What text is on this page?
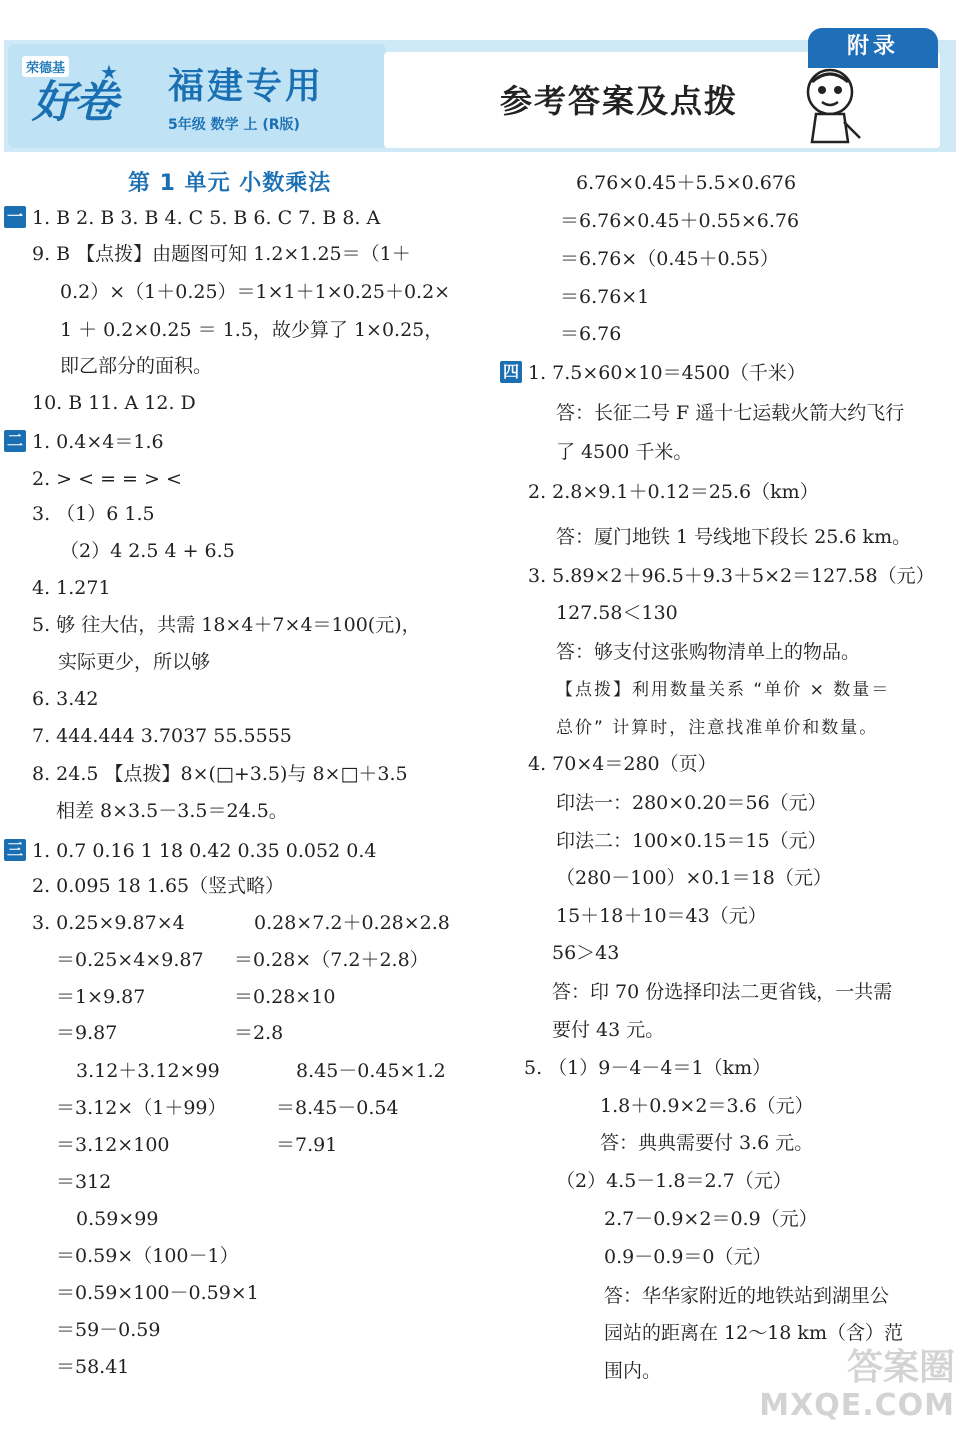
荣德基
好卷
★ 福建专用
5年级 数学 上 (R版)
参考答案及点拨
附录
第 1 单元 小数乘法
一
二
三
四
1. B 2. B 3. B 4. C 5. B 6. C 7. B 8. A
9. B 【点拨】由题图可知 1.2×1.25＝（1＋
0.2）×（1＋0.25）＝1×1＋1×0.25＋0.2×
1 ＋ 0.2×0.25 ＝ 1.5，故少算了 1×0.25，
即乙部分的面积。
10. B 11. A 12. D
1. 0.4×4＝1.6
2. > < = = > <
3. （1）6 1.5
（2）4 2.5 4 + 6.5
4. 1.271
5. 够 往大估，共需 18×4＋7×4＝100(元)，
实际更少，所以够
6. 3.42
7. 444.444 3.7037 55.5555
8. 24.5 【点拨】8×(□+3.5)与 8×□＋3.5
相差 8×3.5－3.5＝24.5。
1. 0.7 0.16 1 18 0.42 0.35 0.052 0.4
2. 0.095 18 1.65（竖式略）
3. 0.25×9.87×4	0.28×7.2＋0.28×2.8
＝0.25×4×9.87 ＝0.28×（7.2＋2.8）
＝1×9.87	＝0.28×10
＝9.87	＝2.8
3.12＋3.12×99	8.45－0.45×1.2
＝3.12×（1＋99）	＝8.45－0.54
＝3.12×100	＝7.91
＝312
0.59×99
＝0.59×（100－1）
＝0.59×100－0.59×1
＝59－0.59
＝58.41
6.76×0.45＋5.5×0.676
＝6.76×0.45＋0.55×6.76
＝6.76×（0.45＋0.55）
＝6.76×1
＝6.76
1. 7.5×60×10＝4500（千米）
答：长征二号 F 遥十七运载火箭大约飞行
了 4500 千米。
2. 2.8×9.1＋0.12＝25.6（km）
答：厦门地铁 1 号线地下段长 25.6 km。
3. 5.89×2＋96.5＋9.3＋5×2＝127.58（元）
127.58＜130
答：够支付这张购物清单上的物品。
【点拨】利用数量关系 “单价 × 数量＝
总价” 计算时，注意找准单价和数量。
4. 70×4＝280（页）
印法一：280×0.20＝56（元）
印法二：100×0.15＝15（元）
（280－100）×0.1＝18（元）
15＋18＋10＝43（元）
56＞43
答：印 70 份选择印法二更省钱，一共需
要付 43 元。
5. （1）9－4－4＝1（km）
1.8＋0.9×2＝3.6（元）
答：典典需要付 3.6 元。
（2）4.5－1.8＝2.7（元）
2.7－0.9×2＝0.9（元）
0.9－0.9＝0（元）
答：华华家附近的地铁站到湖里公
园站的距离在 12～18 km（含）范
围内。	答案圈
MXQE.COM
